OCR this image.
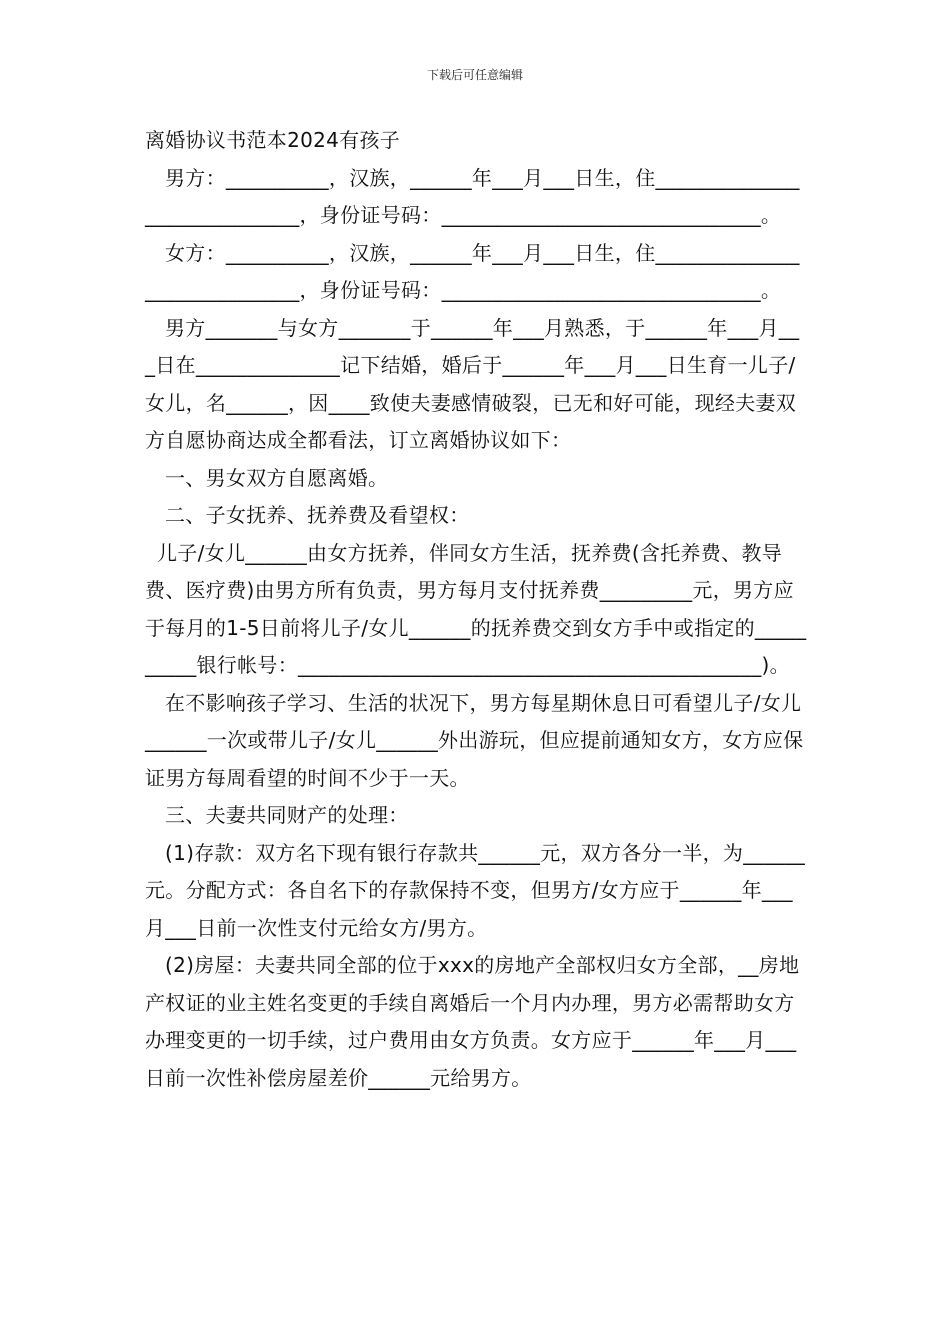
下载后可任意编辑

离婚协议书范本2024有孩子

男方：__________，汉族，______年___月___日生，住_____________________________，身份证号码：_______________________________。

女方：__________，汉族，______年___月___日生，住_____________________________，身份证号码：_______________________________。

男方_______与女方_______于______年___月熟悉，于______年___月___日在______________记下结婚，婚后于______年___月___日生育一儿子/女儿，名______，因____致使夫妻感情破裂，已无和好可能，现经夫妻双方自愿协商达成全都看法，订立离婚协议如下：

一、男女双方自愿离婚。

二、子女抚养、抚养费及看望权：

儿子/女儿______由女方抚养，伴同女方生活，抚养费(含托养费、教导费、医疗费)由男方所有负责，男方每月支付抚养费_________元，男方应于每月的1-5日前将儿子/女儿______的抚养费交到女方手中或指定的__________银行帐号：_____________________________________________)。

在不影响孩子学习、生活的状况下，男方每星期休息日可看望儿子/女儿______一次或带儿子/女儿______外出游玩，但应提前通知女方，女方应保证男方每周看望的时间不少于一天。

三、夫妻共同财产的处理：

(1)存款：双方名下现有银行存款共______元，双方各分一半，为______元。分配方式：各自名下的存款保持不变，但男方/女方应于______年___月___日前一次性支付元给女方/男方。

(2)房屋：夫妻共同全部的位于xxx的房地产全部权归女方全部，__房地产权证的业主姓名变更的手续自离婚后一个月内办理，男方必需帮助女方办理变更的一切手续，过户费用由女方负责。女方应于______年___月___日前一次性补偿房屋差价______元给男方。
